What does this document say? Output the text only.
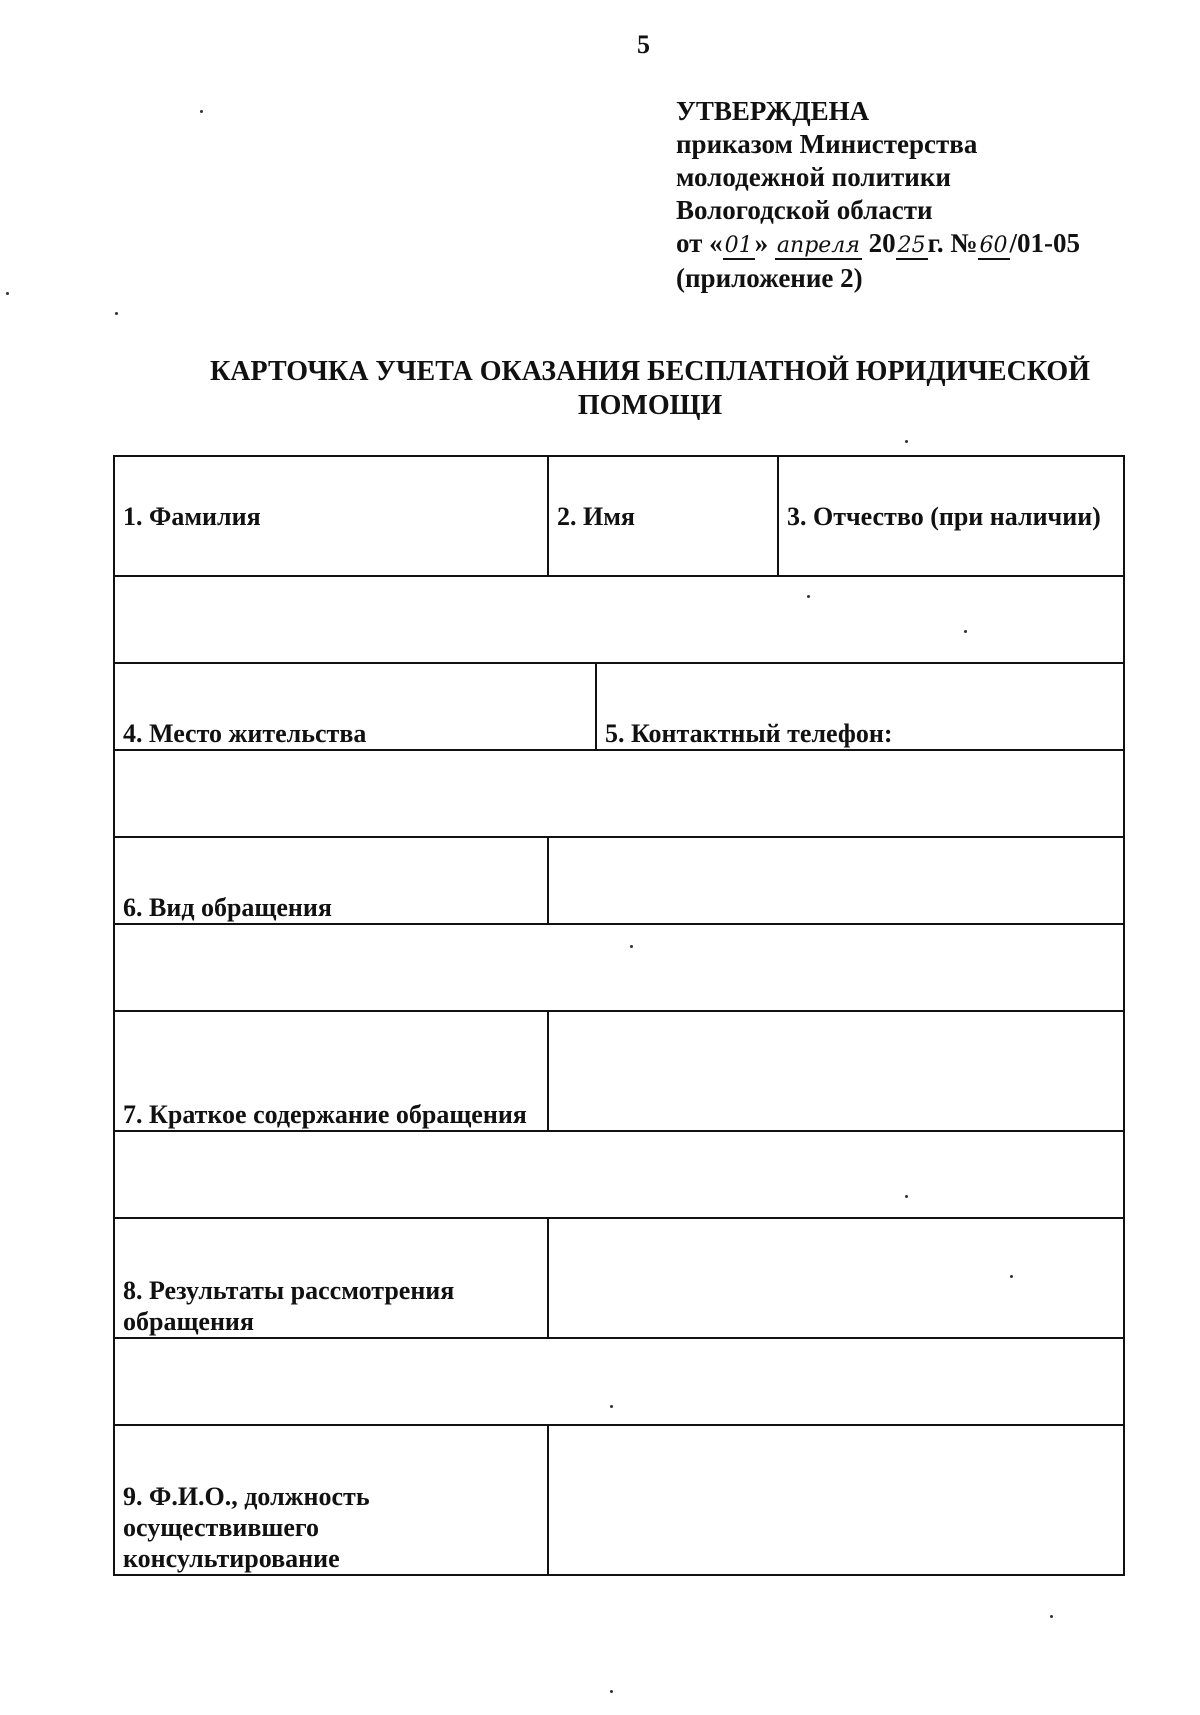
5
УТВЕРЖДЕНА
приказом Министерства
молодежной политики
Вологодской области
от «01» апреля 2025г. №60/01-05
(приложение 2)
КАРТОЧКА УЧЕТА ОКАЗАНИЯ БЕСПЛАТНОЙ ЮРИДИЧЕСКОЙ
ПОМОЩИ
1. Фамилия	2. Имя	3. Отчество (при наличии)
4. Место жительства	5. Контактный телефон:
6. Вид обращения
7. Краткое содержание обращения
8. Результаты рассмотрения обращения
9. Ф.И.О., должность осуществившего консультирование
